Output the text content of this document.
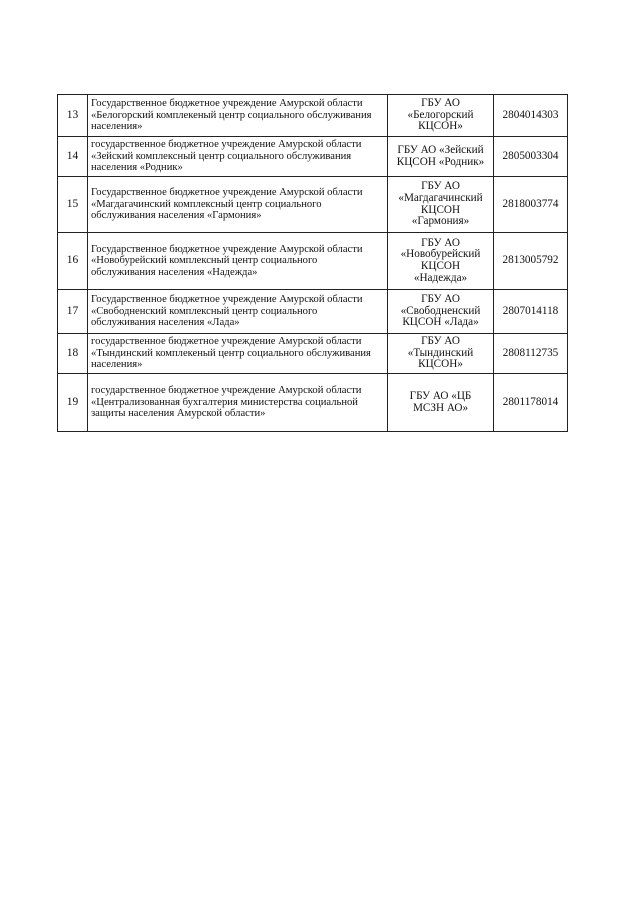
13	Государственное бюджетное учреждение Амурской области «Белогорский комплекеный центр социального обслуживания населения»	ГБУ АО
«Белогорский
КЦСОН»	2804014303
14	государственное бюджетное учреждение Амурской области «Зейский комплексный центр социального обслуживания населения «Родник»	ГБУ АО «Зейский
КЦСОН «Родник»	2805003304
15	Государственное бюджетное учреждение Амурской области «Магдагачинский комплексный центр социального обслуживания населения «Гармония»	ГБУ АО
«Магдагачинский
КЦСОН
«Гармония»	2818003774
16	Государственное бюджетное учреждение Амурской области «Новобурейский комплексный центр социального обслуживания населения «Надежда»	ГБУ АО
«Новобурейский
КЦСОН
«Надежда»	2813005792
17	Государственное бюджетное учреждение Амурской области «Свободненский комплексный центр социального обслуживания населения «Лада»	ГБУ АО
«Свободненский
КЦСОН «Лада»	2807014118
18	государственное бюджетное учреждение Амурской области «Тындинский комплекеный центр социального обслуживания населения»	ГБУ АО
«Тындинский
КЦСОН»	2808112735
19	государственное бюджетное учреждение Амурской области «Централизованная бухгалтерия министерства социальной защиты населения Амурской области»	ГБУ АО «ЦБ
МСЗН АО»	2801178014
